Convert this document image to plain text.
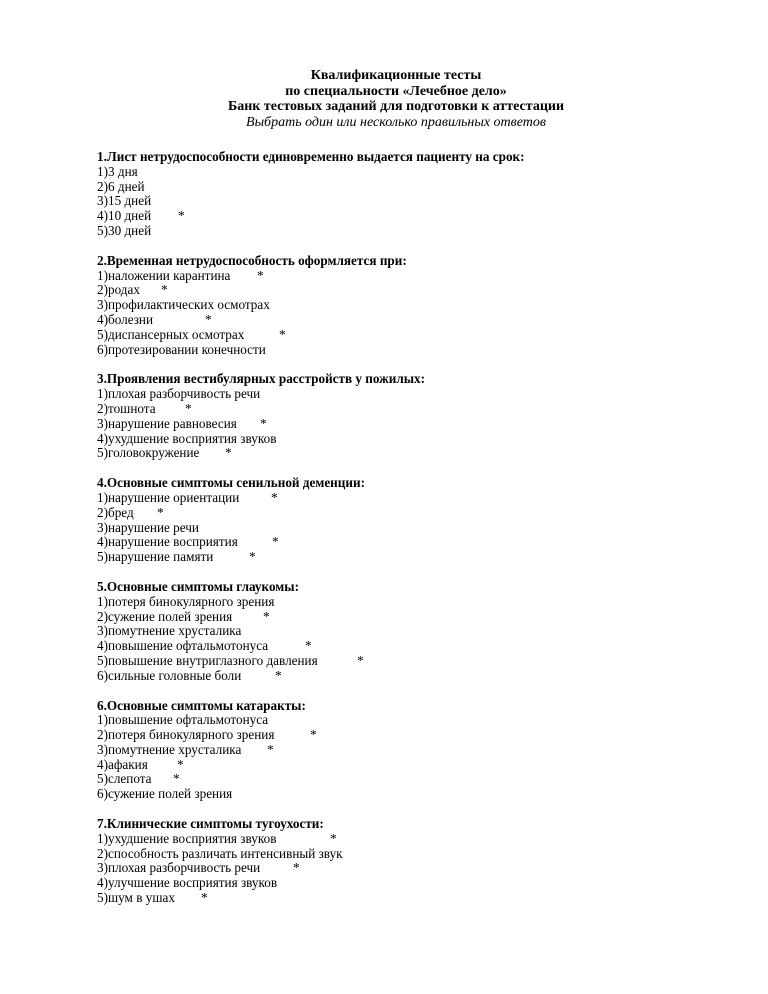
Квалификационные тесты
по специальности «Лечебное дело»
Банк тестовых заданий для подготовки к аттестации
Выбрать один или несколько правильных ответов
1.Лист нетрудоспособности единовременно выдается пациенту на срок:
1)3 дня
2)6 дней
3)15 дней
4)10 дней *
5)30 дней
2.Временная нетрудоспособность оформляется при:
1)наложении карантина *
2)родах *
3)профилактических осмотрах
4)болезни	*
5)диспансерных осмотрах	*
6)протезировании конечности
3.Проявления вестибулярных расстройств у пожилых:
1)плохая разборчивость речи
2)тошнота *
3)нарушение равновесия *
4)ухудшение восприятия звуков
5)головокружение *
4.Основные симптомы сенильной деменции:
1)нарушение ориентации *
2)бред *
3)нарушение речи
4)нарушение восприятия	*
5)нарушение памяти	*
5.Основные симптомы глаукомы:
1)потеря бинокулярного зрения
2)сужение полей зрения *
3)помутнение хрусталика
4)повышение офтальмотонуса	*
5)повышение внутриглазного давления	*
6)сильные головные боли	*
6.Основные симптомы катаракты:
1)повышение офтальмотонуса
2)потеря бинокулярного зрения	*
3)помутнение хрусталика *
4)афакия *
5)слепота *
6)сужение полей зрения
7.Клинические симптомы тугоухости:
1)ухудшение восприятия звуков	*
2)способность различать интенсивный звук
3)плохая разборчивость речи *
4)улучшение восприятия звуков
5)шум в ушах *
